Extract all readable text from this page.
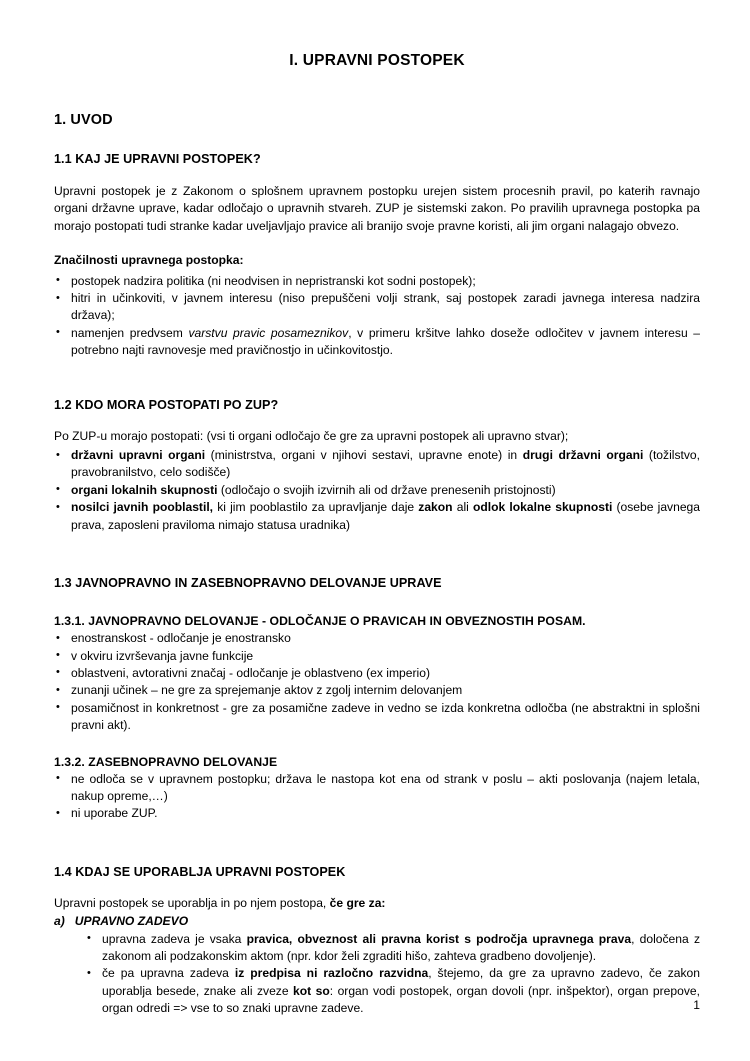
I. UPRAVNI POSTOPEK
1. UVOD
1.1 KAJ JE UPRAVNI POSTOPEK?

Upravni postopek je z Zakonom o splošnem upravnem postopku urejen sistem procesnih pravil, po katerih ravnajo organi državne uprave, kadar odločajo o upravnih stvareh. ZUP je sistemski zakon. Po pravilih upravnega postopka pa morajo postopati tudi stranke kadar uveljavljajo pravice ali branijo svoje pravne koristi, ali jim organi nalagajo obvezo.

Značilnosti upravnega postopka:

• postopek nadzira politika (ni neodvisen in nepristranski kot sodni postopek);
• hitri in učinkoviti, v javnem interesu (niso prepuščeni volji strank, saj postopek zaradi javnega interesa nadzira država);
• namenjen predvsem varstvu pravic posameznikov, v primeru kršitve lahko doseže odločitev v javnem interesu – potrebno najti ravnovesje med pravičnostjo in učinkovitostjo.
1.2 KDO MORA POSTOPATI PO ZUP?

Po ZUP-u morajo postopati: (vsi ti organi odločajo če gre za upravni postopek ali upravno stvar);

• državni upravni organi (ministrstva, organi v njihovi sestavi, upravne enote) in drugi državni organi (tožilstvo, pravobranilstvo, celo sodišče)
• organi lokalnih skupnosti (odločajo o svojih izvirnih ali od države prenesenih pristojnosti)
• nosilci javnih pooblastil, ki jim pooblastilo za upravljanje daje zakon ali odlok lokalne skupnosti (osebe javnega prava, zaposleni praviloma nimajo statusa uradnika)
1.3 JAVNOPRAVNO IN ZASEBNOPRAVNO DELOVANJE UPRAVE
1.3.1. JAVNOPRAVNO DELOVANJE - ODLOČANJE O PRAVICAH IN OBVEZNOSTIH POSAM.
• enostranskost - odločanje je enostransko
• v okviru izvrševanja javne funkcije
• oblastveni, avtorativni značaj - odločanje je oblastveno (ex imperio)
• zunanji učinek – ne gre za sprejemanje aktov z zgolj internim delovanjem
• posamičnost in konkretnost - gre za posamične zadeve in vedno se izda konkretna odločba (ne abstraktni in splošni pravni akt).
1.3.2. ZASEBNOPRAVNO DELOVANJE
• ne odloča se v upravnem postopku; država le nastopa kot ena od strank v poslu – akti poslovanja (najem letala, nakup opreme,…)
• ni uporabe ZUP.
1.4 KDAJ SE UPORABLJA UPRAVNI POSTOPEK

Upravni postopek se uporablja in po njem postopa, če gre za:

a) UPRAVNO ZADEVO

• upravna zadeva je vsaka pravica, obveznost ali pravna korist s področja upravnega prava, določena z zakonom ali podzakonskim aktom (npr. kdor želi zgraditi hišo, zahteva gradbeno dovoljenje).
• če pa upravna zadeva iz predpisa ni razločno razvidna, štejemo, da gre za upravno zadevo, če zakon uporablja besede, znake ali zveze kot so: organ vodi postopek, organ dovoli (npr. inšpektor), organ prepove, organ odredi => vse to so znaki upravne zadeve.	1
